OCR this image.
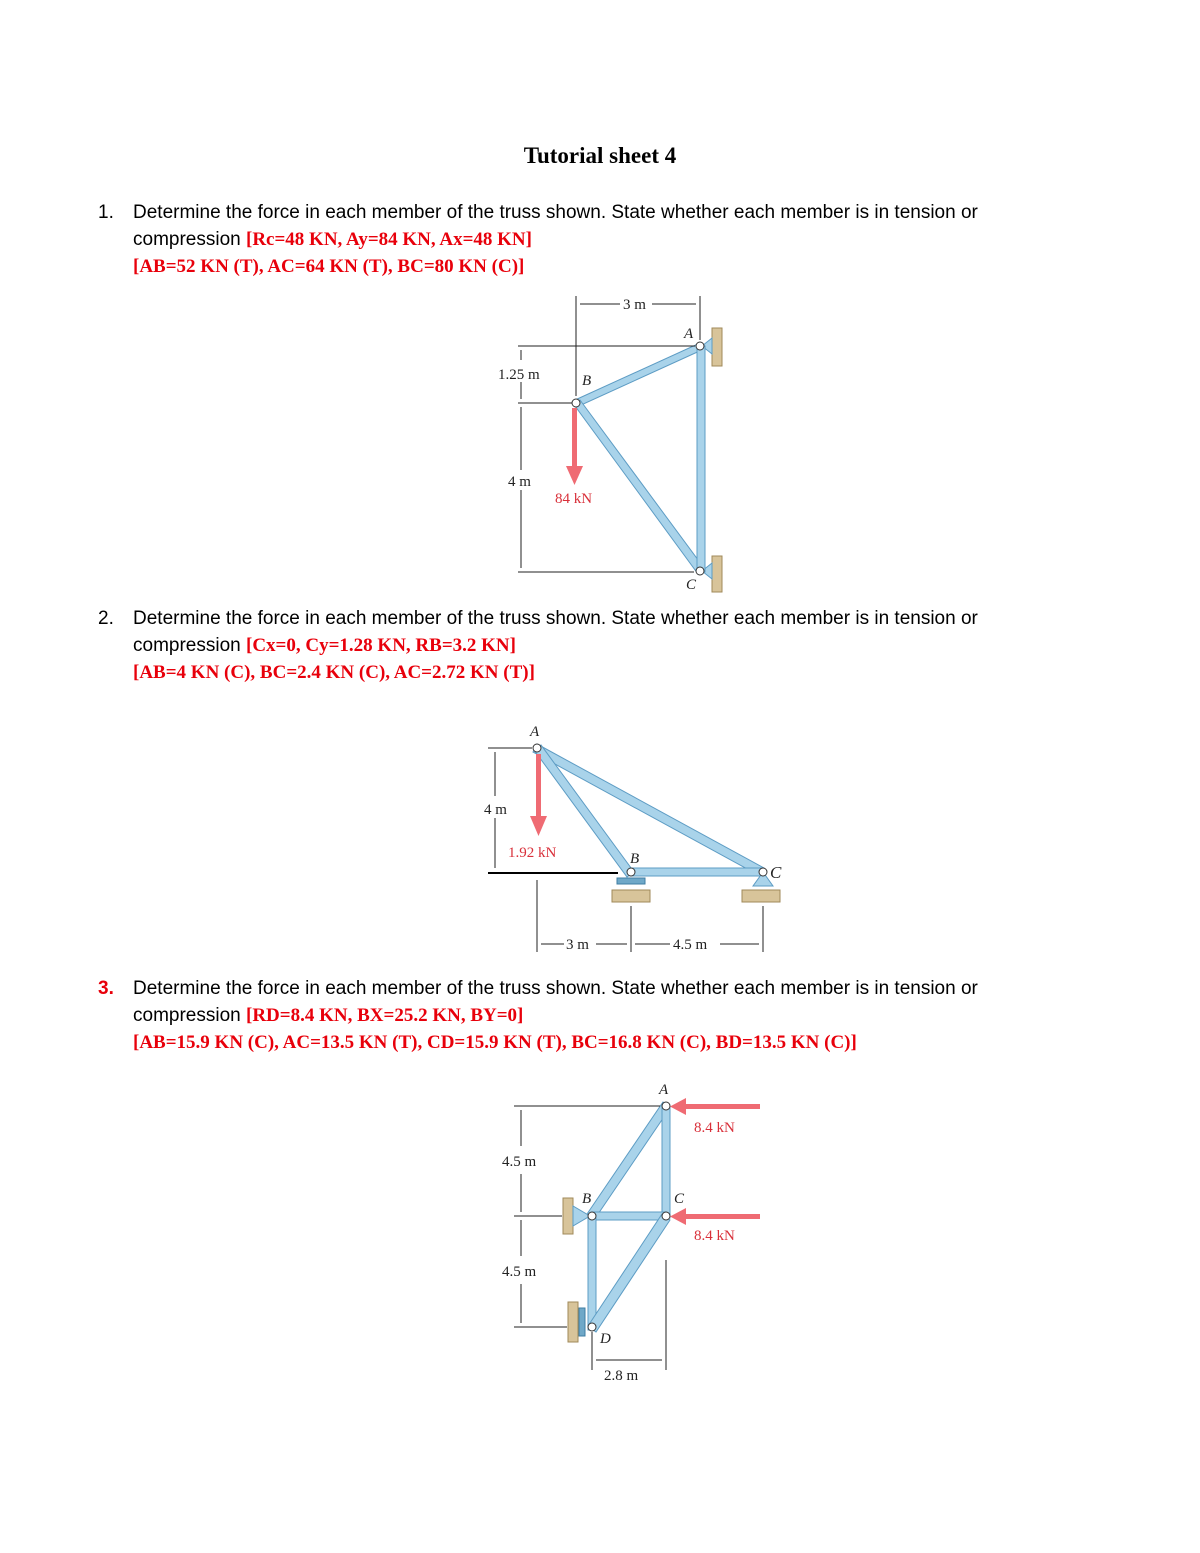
Tutorial sheet 4
1.	Determine the force in each member of the truss shown. State whether each member is in tension or
compression [Rc=48 KN, Ay=84 KN, Ax=48 KN]
[AB=52 KN (T), AC=64 KN (T), BC=80 KN (C)]
3 m
1.25 m
4 m
84 kN
A
B
C
2.	Determine the force in each member of the truss shown. State whether each member is in tension or
compression [Cx=0, Cy=1.28 KN, RB=3.2 KN]
[AB=4 KN (C), BC=2.4 KN (C), AC=2.72 KN (T)]
4 m
3 m	4.5 m
1.92 kN
A
B
C
3.	Determine the force in each member of the truss shown. State whether each member is in tension or
compression [RD=8.4 KN, BX=25.2 KN, BY=0]
[AB=15.9 KN (C), AC=13.5 KN (T), CD=15.9 KN (T), BC=16.8 KN (C), BD=13.5 KN (C)]
8.4 kN
8.4 kN
4.5 m
4.5 m
2.8 m
A
B	C
D
